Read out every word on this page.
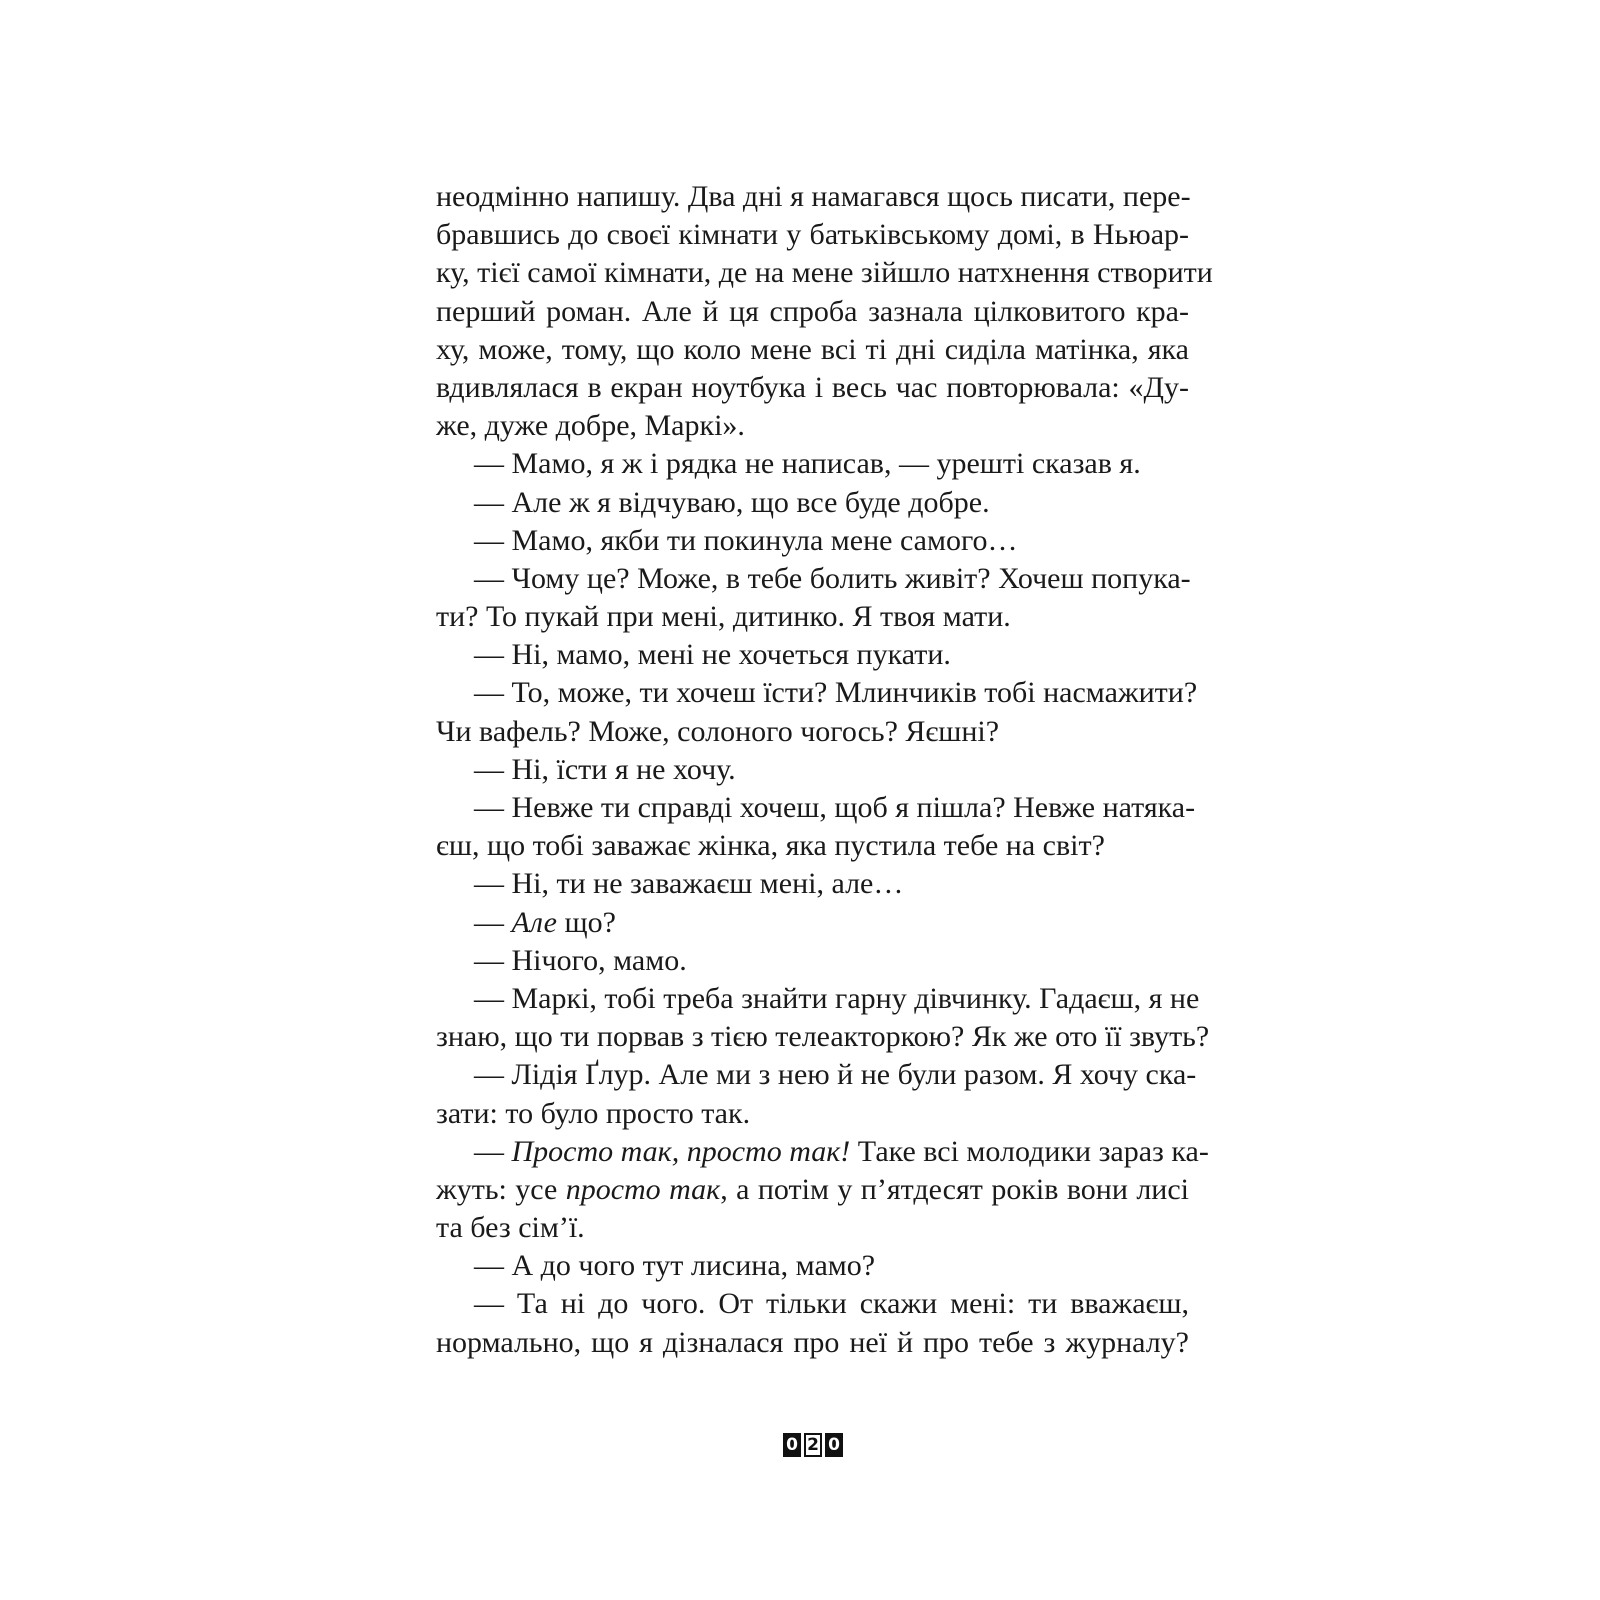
неодмінно напишу. Два дні я намагався щось писати, пере-
бравшись до своєї кімнати у батьківському домі, в Ньюар-
ку, тієї самої кімнати, де на мене зійшло натхнення створити
перший роман. Але й ця спроба зазнала цілковитого кра-
ху, може, тому, що коло мене всі ті дні сиділа матінка, яка
вдивлялася в екран ноутбука і весь час повторювала: «Ду-
же, дуже добре, Маркі».
— Мамо, я ж і рядка не написав, — урешті сказав я.
— Але ж я відчуваю, що все буде добре.
— Мамо, якби ти покинула мене самого…
— Чому це? Може, в тебе болить живіт? Хочеш попука-
ти? То пукай при мені, дитинко. Я твоя мати.
— Ні, мамо, мені не хочеться пукати.
— То, може, ти хочеш їсти? Млинчиків тобі насмажити?
Чи вафель? Може, солоного чогось? Яєшні?
— Ні, їсти я не хочу.
— Невже ти справді хочеш, щоб я пішла? Невже натяка-
єш, що тобі заважає жінка, яка пустила тебе на світ?
— Ні, ти не заважаєш мені, але…
— Але що?
— Нічого, мамо.
— Маркі, тобі треба знайти гарну дівчинку. Гадаєш, я не
знаю, що ти порвав з тією телеакторкою? Як же ото її звуть?
— Лідія Ґлур. Але ми з нею й не були разом. Я хочу ска-
зати: то було просто так.
— Просто так, просто так! Таке всі молодики зараз ка-
жуть: усе просто так, а потім у п’ятдесят років вони лисі
та без сім’ї.
— А до чого тут лисина, мамо?
— Та ні до чого. От тільки скажи мені: ти вважаєш,
нормально, що я дізналася про неї й про тебе з журналу?
0 2 0
